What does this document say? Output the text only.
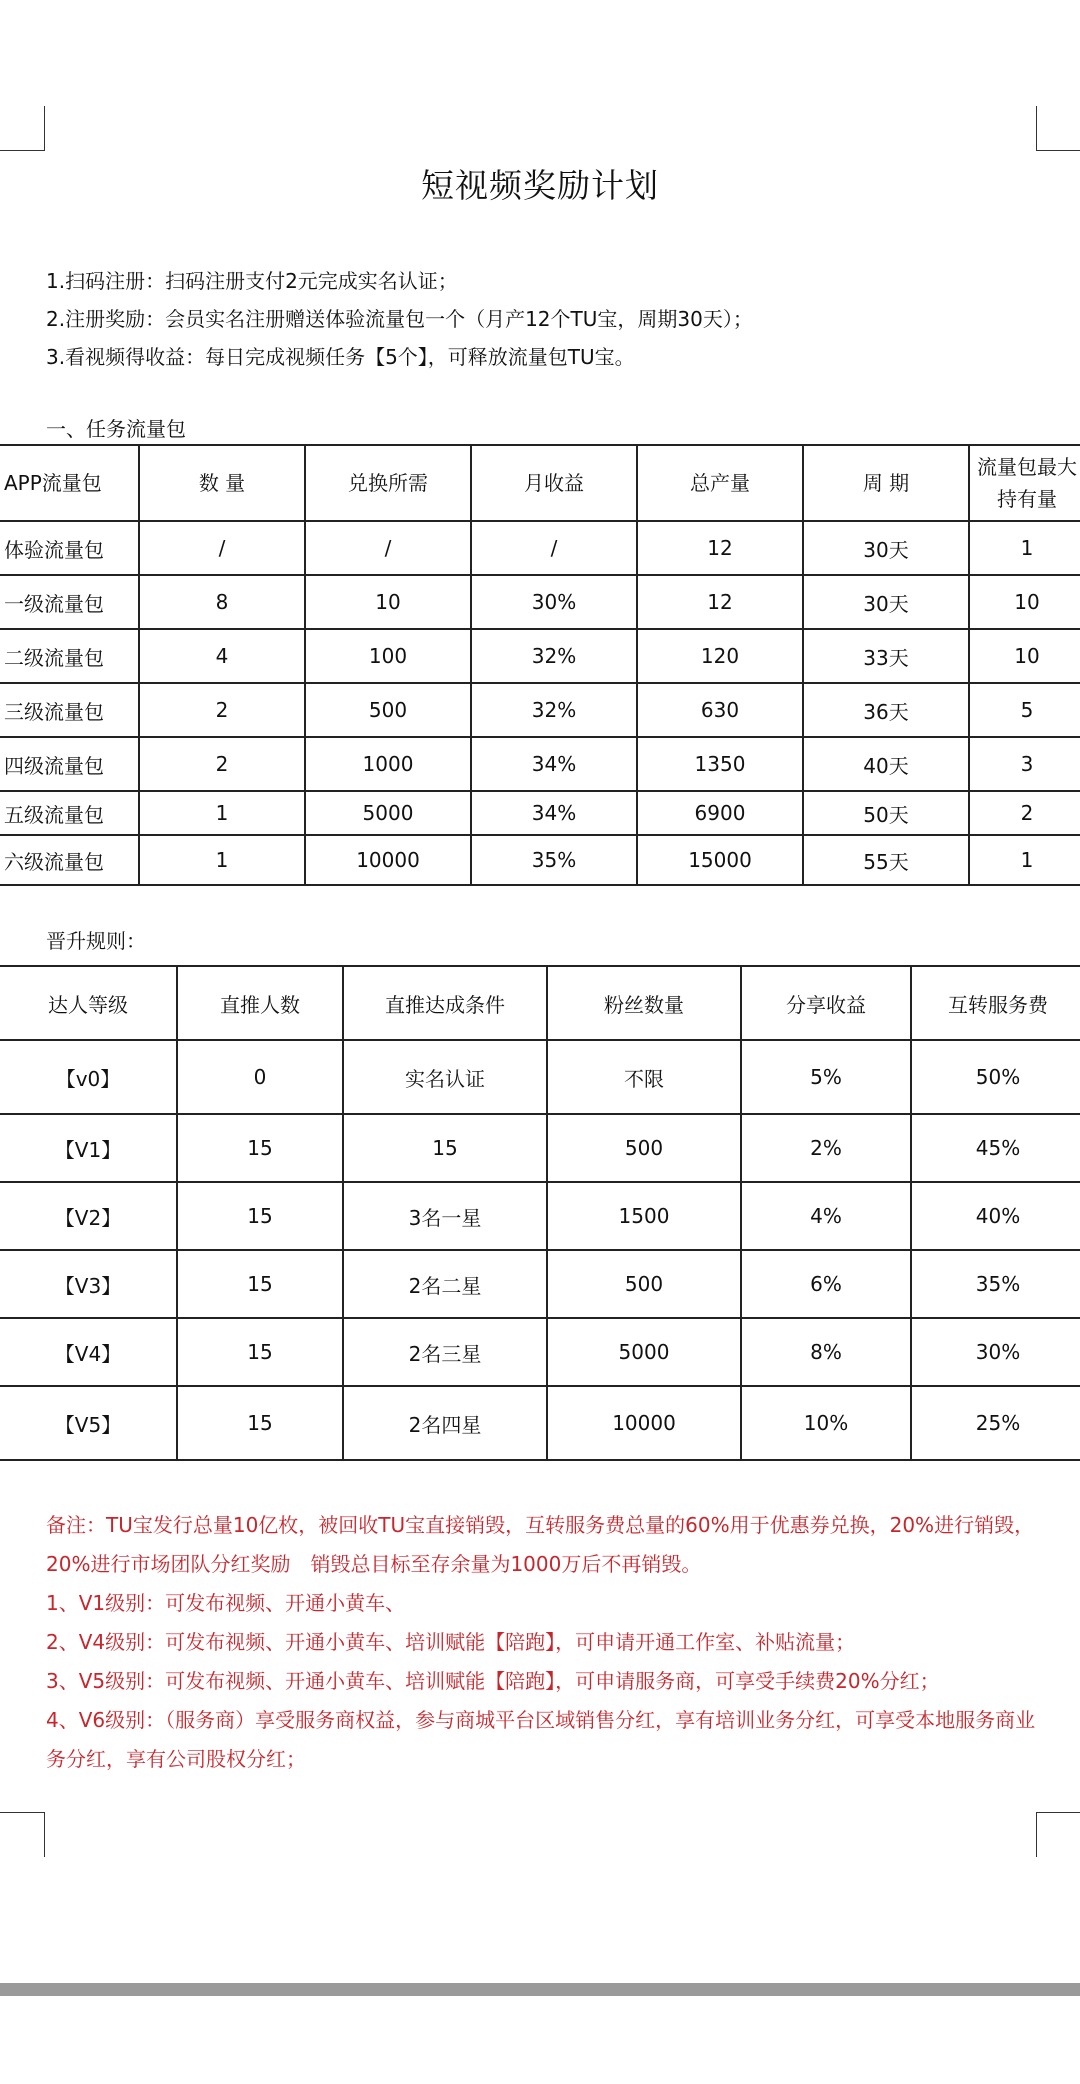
短视频奖励计划
1.扫码注册：扫码注册支付2元完成实名认证；
2.注册奖励：会员实名注册赠送体验流量包一个（月产12个TU宝，周期30天）；
3.看视频得收益：每日完成视频任务【5个】，可释放流量包TU宝。
一、任务流量包
APP流量包	数 量	兑换所需	月收益	总产量	周 期	流量包最大持有量
体验流量包	/	/	/	12	30天	1
一级流量包	8	10	30%	12	30天	10
二级流量包	4	100	32%	120	33天	10
三级流量包	2	500	32%	630	36天	5
四级流量包	2	1000	34%	1350	40天	3
五级流量包	1	5000	34%	6900	50天	2
六级流量包	1	10000	35%	15000	55天	1
晋升规则：
达人等级	直推人数	直推达成条件	粉丝数量	分享收益	互转服务费
【v0】	0	实名认证	不限	5%	50%
【V1】	15	15	500	2%	45%
【V2】	15	3名一星	1500	4%	40%
【V3】	15	2名二星	500	6%	35%
【V4】	15	2名三星	5000	8%	30%
【V5】	15	2名四星	10000	10%	25%
备注：TU宝发行总量10亿枚，被回收TU宝直接销毁，互转服务费总量的60%用于优惠券兑换，20%进行销毁，20%进行市场团队分红奖励　销毁总目标至存余量为1000万后不再销毁。
1、V1级别：可发布视频、开通小黄车、
2、V4级别：可发布视频、开通小黄车、培训赋能【陪跑】，可申请开通工作室、补贴流量；
3、V5级别：可发布视频、开通小黄车、培训赋能【陪跑】，可申请服务商，可享受手续费20%分红；
4、V6级别：（服务商）享受服务商权益，参与商城平台区域销售分红，享有培训业务分红，可享受本地服务商业务分红，享有公司股权分红；
